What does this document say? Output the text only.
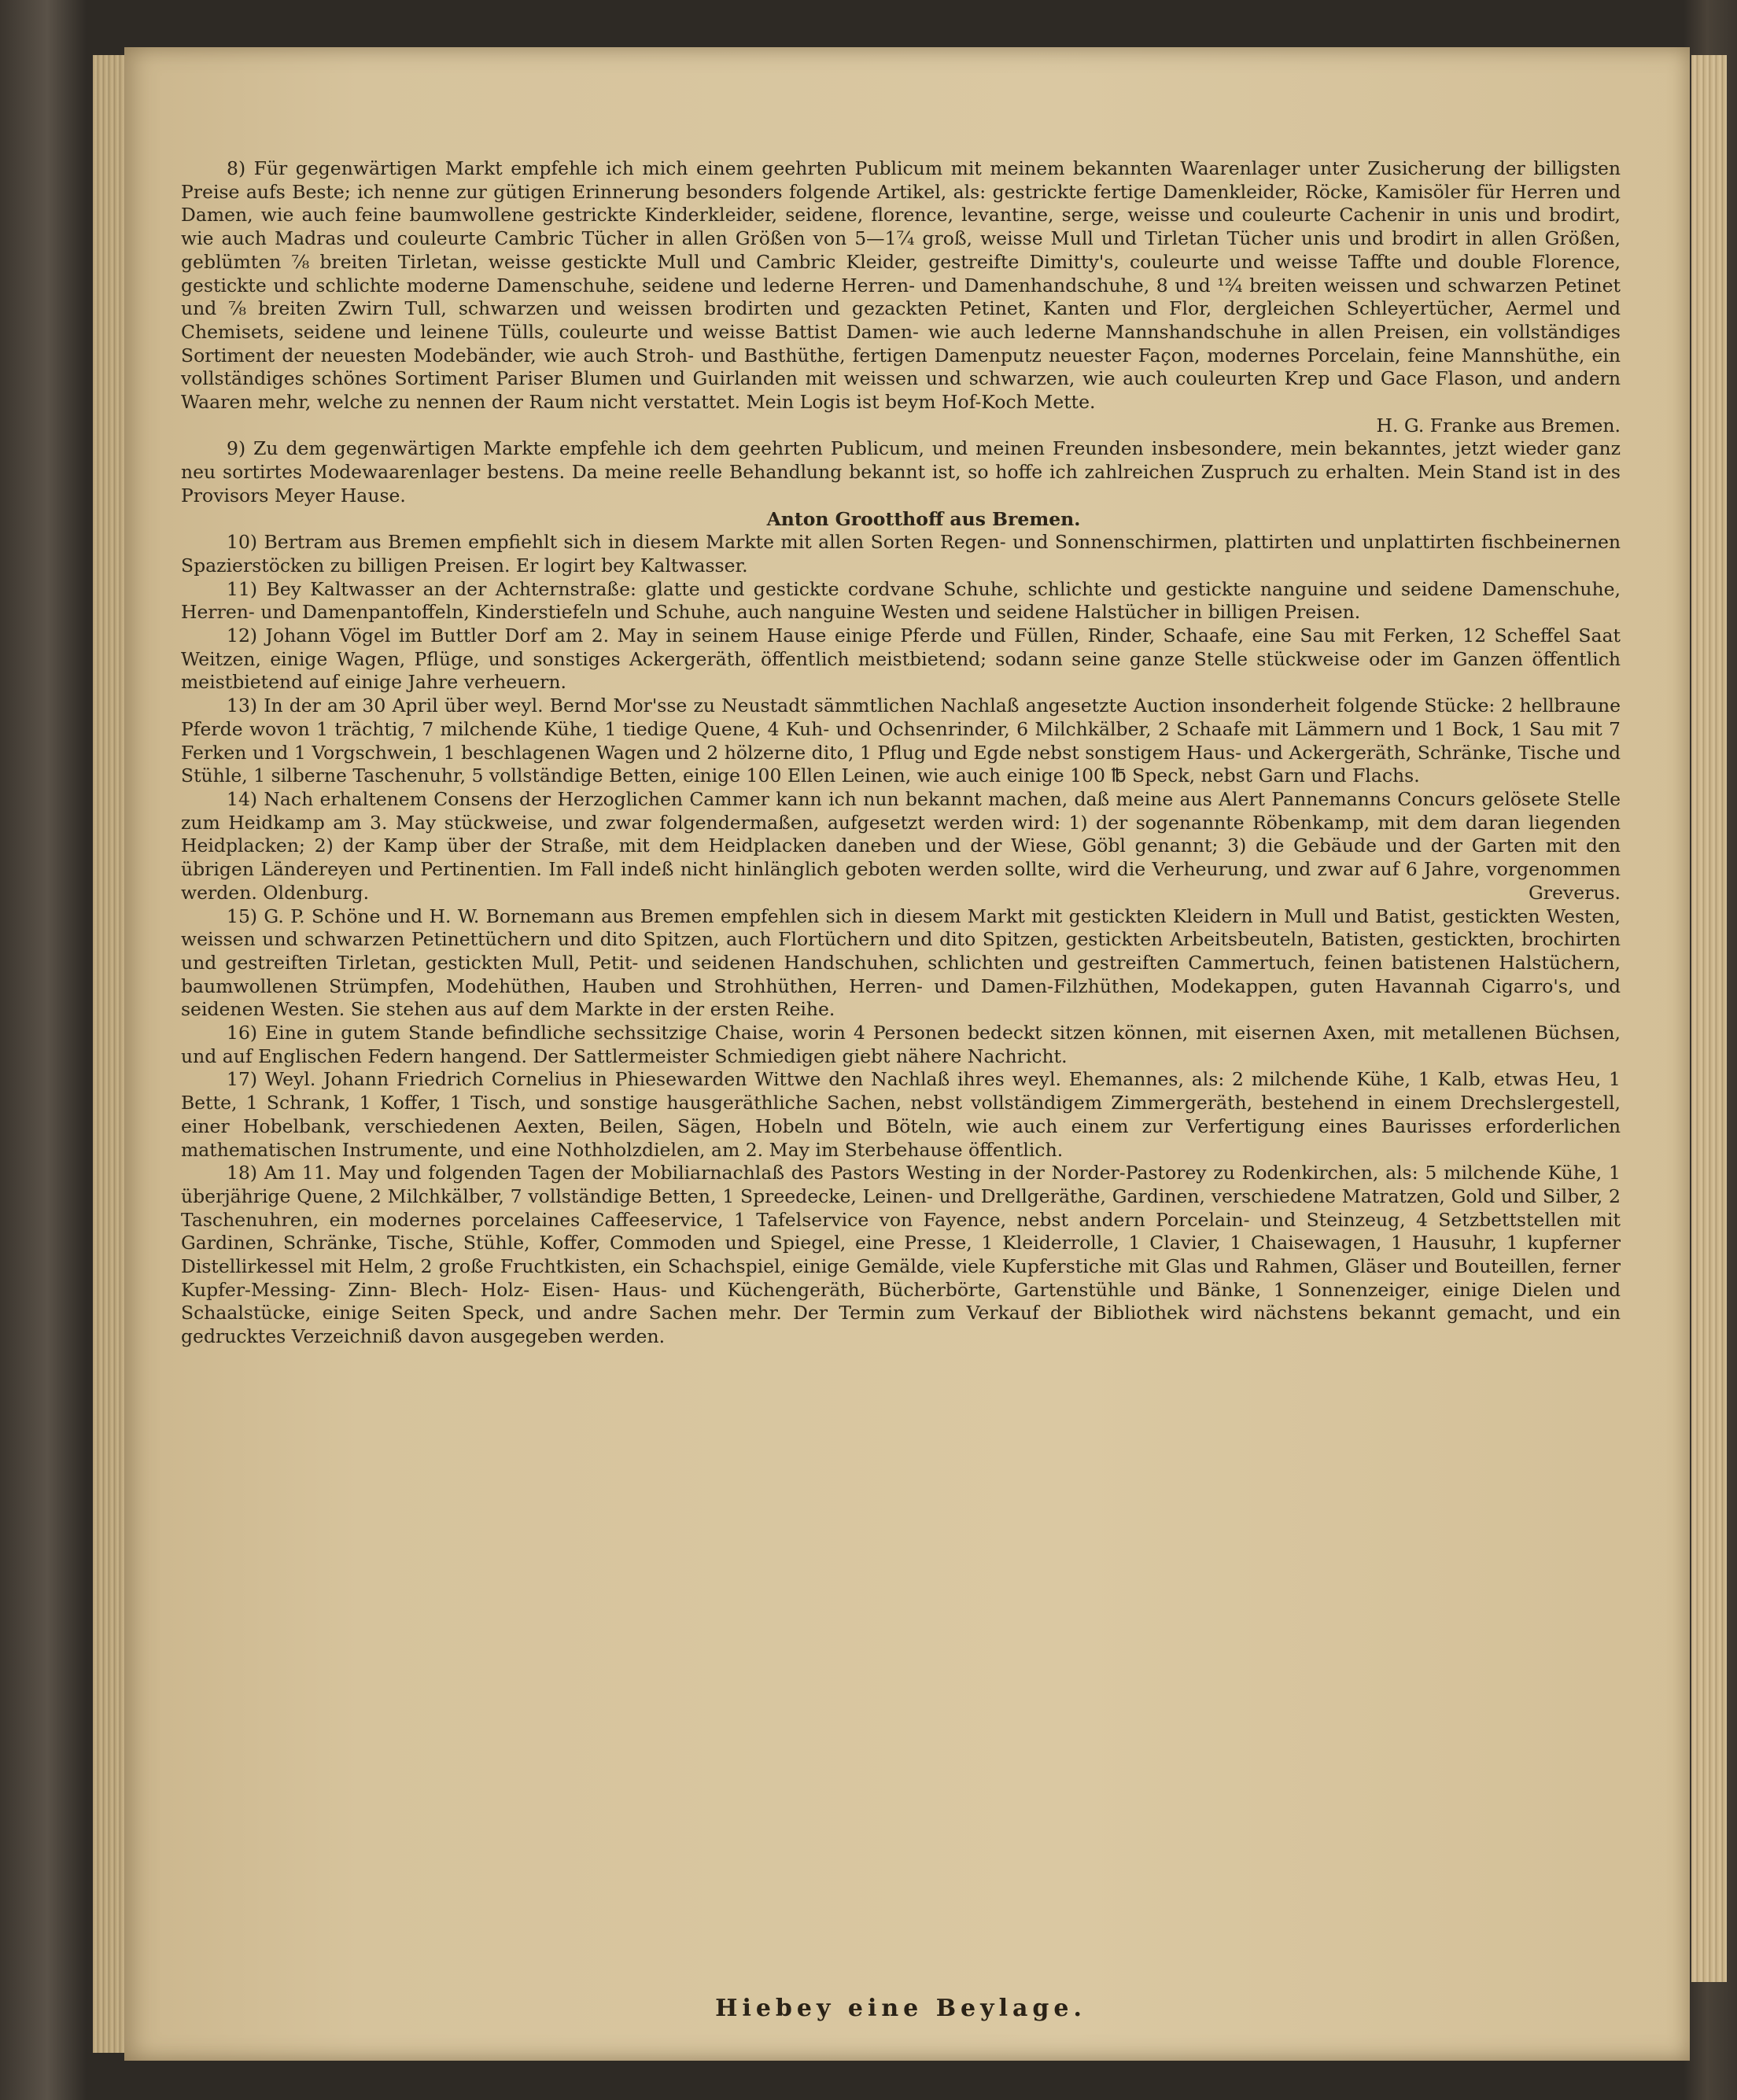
8) Für gegenwärtigen Markt empfehle ich mich einem geehrten Publicum mit meinem bekannten Waarenlager unter Zusicherung der billigsten Preise aufs Beste; ich nenne zur gütigen Erinnerung besonders folgende Artikel, als: gestrickte fertige Damenkleider, Röcke, Kamisöler für Herren und Damen, wie auch feine baumwollene gestrickte Kinderkleider, seidene, florence, levantine, serge, weisse und couleurte Cachenir in unis und brodirt, wie auch Madras und couleurte Cambric Tücher in allen Größen von 5—1⁷⁄₄ groß, weisse Mull und Tirletan Tücher unis und brodirt in allen Größen, geblümten ⅞ breiten Tirletan, weisse gestickte Mull und Cambric Kleider, gestreifte Dimitty's, couleurte und weisse Taffte und double Florence, gestickte und schlichte moderne Damenschuhe, seidene und lederne Herren- und Damenhandschuhe, 8 und ¹²⁄₄ breiten weissen und schwarzen Petinet und ⅞ breiten Zwirn Tull, schwarzen und weissen brodirten und gezackten Petinet, Kanten und Flor, dergleichen Schleyertücher, Aermel und Chemisets, seidene und leinene Tülls, couleurte und weisse Battist Damen- wie auch lederne Mannshandschuhe in allen Preisen, ein vollständiges Sortiment der neuesten Modebänder, wie auch Stroh- und Basthüthe, fertigen Damenputz neuester Façon, modernes Porcelain, feine Mannshüthe, ein vollständiges schönes Sortiment Pariser Blumen und Guirlanden mit weissen und schwarzen, wie auch couleurten Krep und Gace Flason, und andern Waaren mehr, welche zu nennen der Raum nicht verstattet. Mein Logis ist beym Hof-Koch Mette.
H. G. Franke aus Bremen.

9) Zu dem gegenwärtigen Markte empfehle ich dem geehrten Publicum, und meinen Freunden insbesondere, mein bekanntes, jetzt wieder ganz neu sortirtes Modewaarenlager bestens. Da meine reelle Behandlung bekannt ist, so hoffe ich zahlreichen Zuspruch zu erhalten. Mein Stand ist in des Provisors Meyer Hause.
Anton Grootthoff aus Bremen.

10) Bertram aus Bremen empfiehlt sich in diesem Markte mit allen Sorten Regen- und Sonnenschirmen, plattirten und unplattirten fischbeinernen Spazierstöcken zu billigen Preisen. Er logirt bey Kaltwasser.

11) Bey Kaltwasser an der Achternstraße: glatte und gestickte cordvane Schuhe, schlichte und gestickte nanguine und seidene Damenschuhe, Herren- und Damenpantoffeln, Kinderstiefeln und Schuhe, auch nanguine Westen und seidene Halstücher in billigen Preisen.

12) Johann Vögel im Buttler Dorf am 2. May in seinem Hause einige Pferde und Füllen, Rinder, Schaafe, eine Sau mit Ferken, 12 Scheffel Saat Weitzen, einige Wagen, Pflüge, und sonstiges Ackergeräth, öffentlich meistbietend; sodann seine ganze Stelle stückweise oder im Ganzen öffentlich meistbietend auf einige Jahre verheuern.

13) In der am 30 April über weyl. Bernd Mor'sse zu Neustadt sämmtlichen Nachlaß angesetzte Auction insonderheit folgende Stücke: 2 hellbraune Pferde wovon 1 trächtig, 7 milchende Kühe, 1 tiedige Quene, 4 Kuh- und Ochsenrinder, 6 Milchkälber, 2 Schaafe mit Lämmern und 1 Bock, 1 Sau mit 7 Ferken und 1 Vorgschwein, 1 beschlagenen Wagen und 2 hölzerne dito, 1 Pflug und Egde nebst sonstigem Haus- und Ackergeräth, Schränke, Tische und Stühle, 1 silberne Taschenuhr, 5 vollständige Betten, einige 100 Ellen Leinen, wie auch einige 100 ℔ Speck, nebst Garn und Flachs.

14) Nach erhaltenem Consens der Herzoglichen Cammer kann ich nun bekannt machen, daß meine aus Alert Pannemanns Concurs gelösete Stelle zum Heidkamp am 3. May stückweise, und zwar folgendermaßen, aufgesetzt werden wird: 1) der sogenannte Röbenkamp, mit dem daran liegenden Heidplacken; 2) der Kamp über der Straße, mit dem Heidplacken daneben und der Wiese, Göbl genannt; 3) die Gebäude und der Garten mit den übrigen Ländereyen und Pertinentien. Im Fall indeß nicht hinlänglich geboten werden sollte, wird die Verheurung, und zwar auf 6 Jahre, vorgenommen werden. Oldenburg.	Greverus.

15) G. P. Schöne und H. W. Bornemann aus Bremen empfehlen sich in diesem Markt mit gestickten Kleidern in Mull und Batist, gestickten Westen, weissen und schwarzen Petinettüchern und dito Spitzen, auch Flortüchern und dito Spitzen, gestickten Arbeitsbeuteln, Batisten, gestickten, brochirten und gestreiften Tirletan, gestickten Mull, Petit- und seidenen Handschuhen, schlichten und gestreiften Cammertuch, feinen batistenen Halstüchern, baumwollenen Strümpfen, Modehüthen, Hauben und Strohhüthen, Herren- und Damen-Filzhüthen, Modekappen, guten Havannah Cigarro's, und seidenen Westen. Sie stehen aus auf dem Markte in der ersten Reihe.

16) Eine in gutem Stande befindliche sechssitzige Chaise, worin 4 Personen bedeckt sitzen können, mit eisernen Axen, mit metallenen Büchsen, und auf Englischen Federn hangend. Der Sattlermeister Schmiedigen giebt nähere Nachricht.

17) Weyl. Johann Friedrich Cornelius in Phiesewarden Wittwe den Nachlaß ihres weyl. Ehemannes, als: 2 milchende Kühe, 1 Kalb, etwas Heu, 1 Bette, 1 Schrank, 1 Koffer, 1 Tisch, und sonstige hausgeräthliche Sachen, nebst vollständigem Zimmergeräth, bestehend in einem Drechslergestell, einer Hobelbank, verschiedenen Aexten, Beilen, Sägen, Hobeln und Böteln, wie auch einem zur Verfertigung eines Baurisses erforderlichen mathematischen Instrumente, und eine Nothholzdielen, am 2. May im Sterbehause öffentlich.

18) Am 11. May und folgenden Tagen der Mobiliarnachlaß des Pastors Westing in der Norder-Pastorey zu Rodenkirchen, als: 5 milchende Kühe, 1 überjährige Quene, 2 Milchkälber, 7 vollständige Betten, 1 Spreedecke, Leinen- und Drellgeräthe, Gardinen, verschiedene Matratzen, Gold und Silber, 2 Taschenuhren, ein modernes porcelaines Caffeeservice, 1 Tafelservice von Fayence, nebst andern Porcelain- und Steinzeug, 4 Setzbettstellen mit Gardinen, Schränke, Tische, Stühle, Koffer, Commoden und Spiegel, eine Presse, 1 Kleiderrolle, 1 Clavier, 1 Chaisewagen, 1 Hausuhr, 1 kupferner Distellirkessel mit Helm, 2 große Fruchtkisten, ein Schachspiel, einige Gemälde, viele Kupferstiche mit Glas und Rahmen, Gläser und Bouteillen, ferner Kupfer-Messing- Zinn- Blech- Holz- Eisen- Haus- und Küchengeräth, Bücherbörte, Gartenstühle und Bänke, 1 Sonnenzeiger, einige Dielen und Schaalstücke, einige Seiten Speck, und andre Sachen mehr. Der Termin zum Verkauf der Bibliothek wird nächstens bekannt gemacht, und ein gedrucktes Verzeichniß davon ausgegeben werden.

Hiebey eine Beylage.
